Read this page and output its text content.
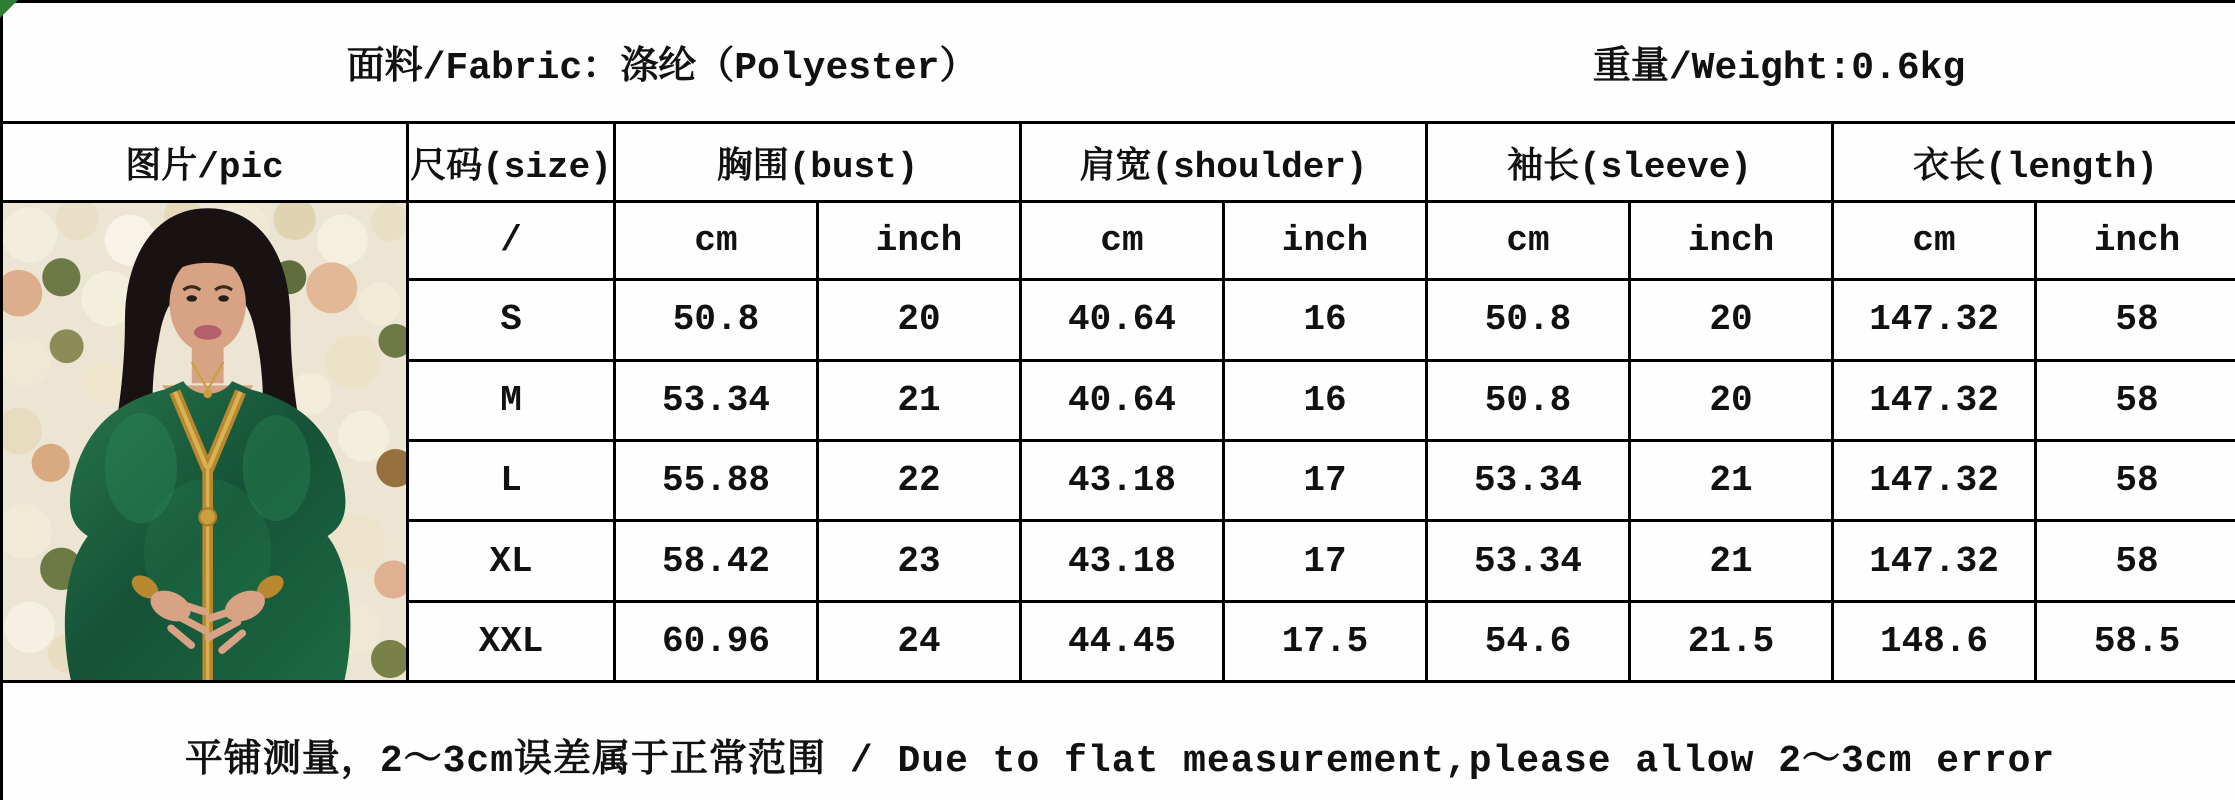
面料/Fabric：涤纶（Polyester） 重量/Weight:0.6kg									

图片/pic	尺码(size)	胸围(bust)		肩宽(shoulder)		袖长(sleeve)		衣长(length)	

	/	cm	inch	cm	inch	cm	inch	cm	inch
	S	50.8	20	40.64	16	50.8	20	147.32	58
	M	53.34	21	40.64	16	50.8	20	147.32	58
	L	55.88	22	43.18	17	53.34	21	147.32	58
	XL	58.42	23	43.18	17	53.34	21	147.32	58
	XXL	60.96	24	44.45	17.5	54.6	21.5	148.6	58.5
平铺测量，2～3cm误差属于正常范围 / Due to flat measurement,please allow 2～3cm error									
